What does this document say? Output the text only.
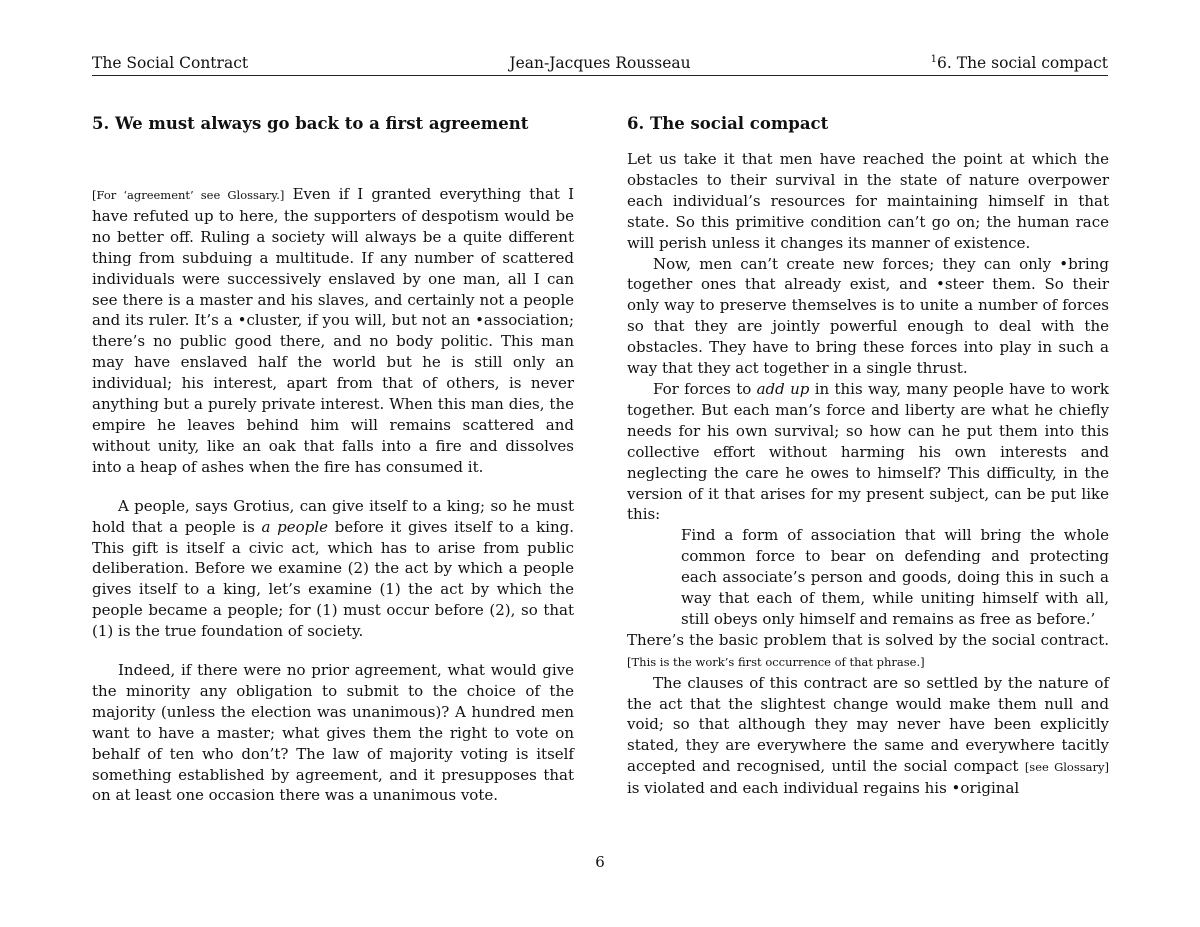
The Social Contract	Jean-Jacques Rousseau	$^1$6. The social compact
5. We must always go back to a first agreement

[For ‘agreement’ see Glossary.] Even if I granted everything that I have refuted up to here, the supporters of despotism would be no better off. Ruling a society will always be a quite different thing from subduing a multitude. If any number of scattered individuals were successively enslaved by one man, all I can see there is a master and his slaves, and certainly not a people and its ruler. It’s a •cluster, if you will, but not an •association; there’s no public good there, and no body politic. This man may have enslaved half the world but he is still only an individual; his interest, apart from that of others, is never anything but a purely private interest. When this man dies, the empire he leaves behind him will remains scattered and without unity, like an oak that falls into a fire and dissolves into a heap of ashes when the fire has consumed it.

A people, says Grotius, can give itself to a king; so he must hold that a people is a people before it gives itself to a king. This gift is itself a civic act, which has to arise from public deliberation. Before we examine (2) the act by which a people gives itself to a king, let’s examine (1) the act by which the people became a people; for (1) must occur before (2), so that (1) is the true foundation of society.

Indeed, if there were no prior agreement, what would give the minority any obligation to submit to the choice of the majority (unless the election was unanimous)? A hundred men want to have a master; what gives them the right to vote on behalf of ten who don’t? The law of majority voting is itself something established by agreement, and it presupposes that on at least one occasion there was a unanimous vote.

6. The social compact

Let us take it that men have reached the point at which the obstacles to their survival in the state of nature overpower each individual’s resources for maintaining himself in that state. So this primitive condition can’t go on; the human race will perish unless it changes its manner of existence.

Now, men can’t create new forces; they can only •bring together ones that already exist, and •steer them. So their only way to preserve themselves is to unite a number of forces so that they are jointly powerful enough to deal with the obstacles. They have to bring these forces into play in such a way that they act together in a single thrust.

For forces to add up in this way, many people have to work together. But each man’s force and liberty are what he chiefly needs for his own survival; so how can he put them into this collective effort without harming his own interests and neglecting the care he owes to himself? This difficulty, in the version of it that arises for my present subject, can be put like this:

Find a form of association that will bring the whole common force to bear on defending and protecting each associate’s person and goods, doing this in such a way that each of them, while uniting himself with all, still obeys only himself and remains as free as before.’

There’s the basic problem that is solved by the social contract. [This is the work’s first occurrence of that phrase.]

The clauses of this contract are so settled by the nature of the act that the slightest change would make them null and void; so that although they may never have been explicitly stated, they are everywhere the same and everywhere tacitly accepted and recognised, until the social compact [see Glossary] is violated and each individual regains his •original

6
